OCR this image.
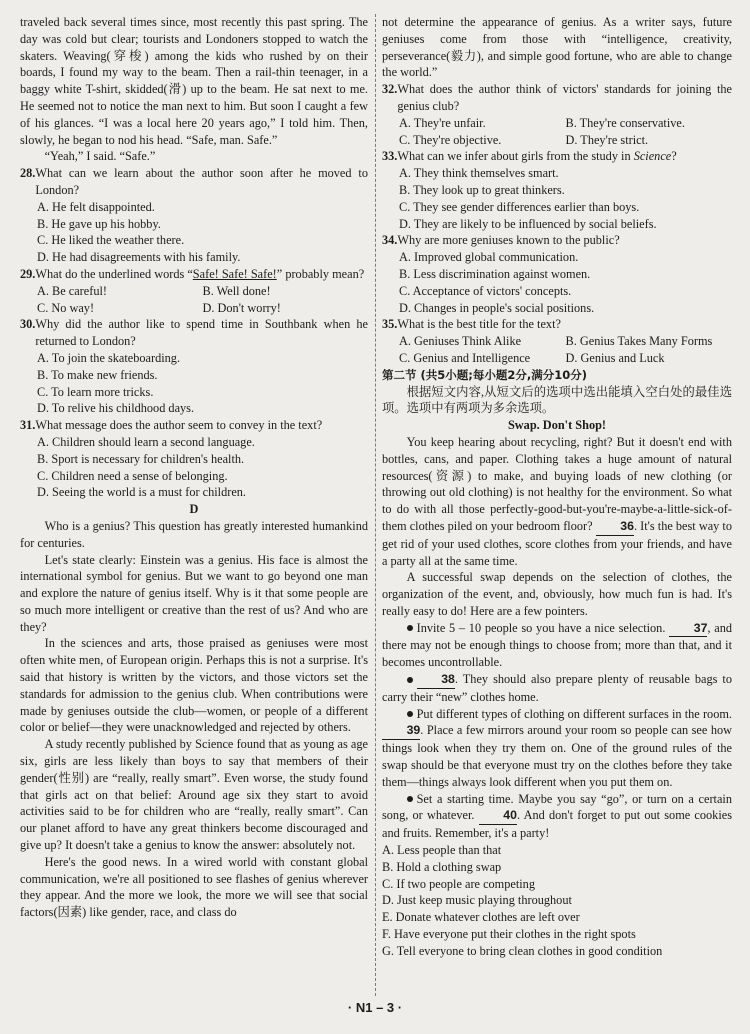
traveled back several times since, most recently this past spring. The day was cold but clear; tourists and Londoners stopped to watch the skaters. Weaving(穿梭) among the kids who rushed by on their boards, I found my way to the beam. Then a rail-thin teenager, in a baggy white T-shirt, skidded(滑) up to the beam. He sat next to me. He seemed not to notice the man next to him. But soon I caught a few of his glances. “I was a local here 20 years ago,” I told him. Then, slowly, he began to nod his head. “Safe, man. Safe.”

“Yeah,” I said. “Safe.”

28. What can we learn about the author soon after he moved to London?
A. He felt disappointed.
B. He gave up his hobby.
C. He liked the weather there.
D. He had disagreements with his family.
29. What do the underlined words “Safe! Safe! Safe!” probably mean?
A. Be careful!	B. Well done!
C. No way!	D. Don't worry!
30. Why did the author like to spend time in Southbank when he returned to London?
A. To join the skateboarding.
B. To make new friends.
C. To learn more tricks.
D. To relive his childhood days.
31. What message does the author seem to convey in the text?
A. Children should learn a second language.
B. Sport is necessary for children's health.
C. Children need a sense of belonging.
D. Seeing the world is a must for children.

D

Who is a genius? This question has greatly interested humankind for centuries.

Let's state clearly: Einstein was a genius. His face is almost the international symbol for genius. But we want to go beyond one man and explore the nature of genius itself. Why is it that some people are so much more intelligent or creative than the rest of us? And who are they?

In the sciences and arts, those praised as geniuses were most often white men, of European origin. Perhaps this is not a surprise. It's said that history is written by the victors, and those victors set the standards for admission to the genius club. When contributions were made by geniuses outside the club—women, or people of a different color or belief—they were unacknowledged and rejected by others.

A study recently published by Science found that as young as age six, girls are less likely than boys to say that members of their gender(性别) are “really, really smart”. Even worse, the study found that girls act on that belief: Around age six they start to avoid activities said to be for children who are “really, really smart”. Can our planet afford to have any great thinkers become discouraged and give up? It doesn't take a genius to know the answer: absolutely not.

Here's the good news. In a wired world with constant global communication, we're all positioned to see flashes of genius wherever they appear. And the more we look, the more we will see that social factors(因素) like gender, race, and class do

not determine the appearance of genius. As a writer says, future geniuses come from those with “intelligence, creativity, perseverance(毅力), and simple good fortune, who are able to change the world.”

32. What does the author think of victors' standards for joining the genius club?
A. They're unfair.	B. They're conservative.
C. They're objective.	D. They're strict.
33. What can we infer about girls from the study in Science?
A. They think themselves smart.
B. They look up to great thinkers.
C. They see gender differences earlier than boys.
D. They are likely to be influenced by social beliefs.
34. Why are more geniuses known to the public?
A. Improved global communication.
B. Less discrimination against women.
C. Acceptance of victors' concepts.
D. Changes in people's social positions.
35. What is the best title for the text?
A. Geniuses Think Alike	B. Genius Takes Many Forms
C. Genius and Intelligence	D. Genius and Luck

第二节 (共5小题;每小题2分,满分10分)

根据短文内容,从短文后的选项中选出能填入空白处的最佳选项。选项中有两项为多余选项。

Swap. Don't Shop!

You keep hearing about recycling, right? But it doesn't end with bottles, cans, and paper. Clothing takes a huge amount of natural resources(资源) to make, and buying loads of new clothing (or throwing out old clothing) is not healthy for the environment. So what to do with all those perfectly-good-but-you're-maybe-a-little-sick-of-them clothes piled on your bedroom floor? 36. It's the best way to get rid of your used clothes, score clothes from your friends, and have a party all at the same time.

A successful swap depends on the selection of clothes, the organization of the event, and, obviously, how much fun is had. It's really easy to do! Here are a few pointers.

Invite 5 – 10 people so you have a nice selection. 37, and there may not be enough things to choose from; more than that, and it becomes uncontrollable.

38. They should also prepare plenty of reusable bags to carry their “new” clothes home.

Put different types of clothing on different surfaces in the room. 39. Place a few mirrors around your room so people can see how things look when they try them on. One of the ground rules of the swap should be that everyone must try on the clothes before they take them—things always look different when you put them on.

Set a starting time. Maybe you say “go”, or turn on a certain song, or whatever. 40. And don't forget to put out some cookies and fruits. Remember, it's a party!

A. Less people than that
B. Hold a clothing swap
C. If two people are competing
D. Just keep music playing throughout
E. Donate whatever clothes are left over
F. Have everyone put their clothes in the right spots
G. Tell everyone to bring clean clothes in good condition
· N1 – 3 ·
